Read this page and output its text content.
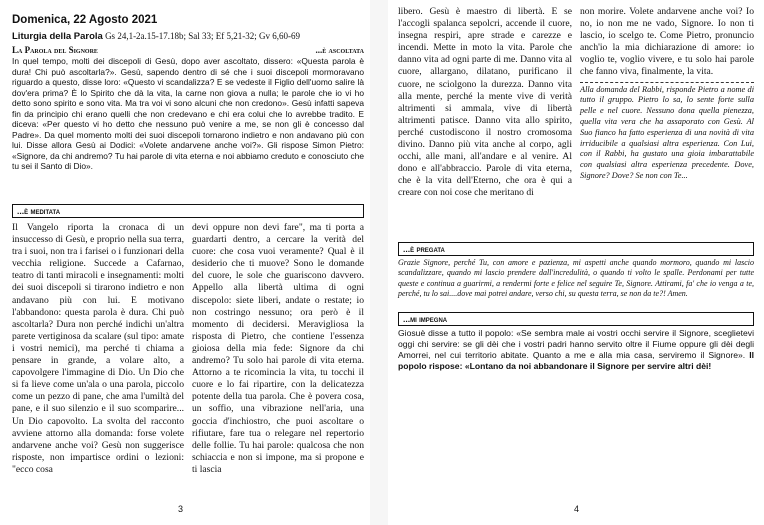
Domenica, 22 Agosto 2021
Liturgia della Parola Gs 24,1-2a.15-17.18b; Sal 33; Ef 5,21-32; Gv 6,60-69
La Parola del Signore	...è ascoltata
In quel tempo, molti dei discepoli di Gesù, dopo aver ascoltato, dissero: «Questa parola è dura! Chi può ascoltarla?». Gesù, sapendo dentro di sé che i suoi discepoli mormoravano riguardo a questo, disse loro: «Questo vi scandalizza? E se vedeste il Figlio dell'uomo salire là dov'era prima? È lo Spirito che dà la vita, la carne non giova a nulla; le parole che io vi ho detto sono spirito e sono vita. Ma tra voi vi sono alcuni che non credono». Gesù infatti sapeva fin da principio chi erano quelli che non credevano e chi era colui che lo avrebbe tradito. E diceva: «Per questo vi ho detto che nessuno può venire a me, se non gli è concesso dal Padre». Da quel momento molti dei suoi discepoli tornarono indietro e non andavano più con lui. Disse allora Gesù ai Dodici: «Volete andarvene anche voi?». Gli rispose Simon Pietro: «Signore, da chi andremo? Tu hai parole di vita eterna e noi abbiamo creduto e conosciuto che tu sei il Santo di Dio».
...è meditata
Il Vangelo riporta la cronaca di un insuccesso di Gesù, e proprio nella sua terra, tra i suoi, non tra i farisei o i funzionari della vecchia religione. Succede a Cafarnao, teatro di tanti miracoli e insegnamenti: molti dei suoi discepoli si tirarono indietro e non andavano più con lui. E motivano l'abbandono: questa parola è dura. Chi può ascoltarla? Dura non perché indichi un'altra parete vertiginosa da scalare (sul tipo: amate i vostri nemici), ma perché ti chiama a pensare in grande, a volare alto, a capovolgere l'immagine di Dio. Un Dio che si fa lieve come un'ala o una parola, piccolo come un pezzo di pane, che ama l'umiltà del pane, e il suo silenzio e il suo scomparire... Un Dio capovolto. La svolta del racconto avviene attorno alla domanda: forse volete andarvene anche voi? Gesù non suggerisce risposte, non impartisce ordini o lezioni: "ecco cosa
devi oppure non devi fare", ma ti porta a guardarti dentro, a cercare la verità del cuore: che cosa vuoi veramente? Qual è il desiderio che ti muove? Sono le domande del cuore, le sole che guariscono davvero. Appello alla libertà ultima di ogni discepolo: siete liberi, andate o restate; io non costringo nessuno; ora però è il momento di decidersi. Meravigliosa la risposta di Pietro, che contiene l'essenza gioiosa della mia fede: Signore da chi andremo? Tu solo hai parole di vita eterna. Attorno a te ricomincia la vita, tu tocchi il cuore e lo fai ripartire, con la delicatezza potente della tua parola. Che è povera cosa, un soffio, una vibrazione nell'aria, una goccia d'inchiostro, che puoi ascoltare o rifiutare, fare tua o relegare nel repertorio delle follie. Tu hai parole: qualcosa che non schiaccia e non si impone, ma si propone e ti lascia
3
libero. Gesù è maestro di libertà. E se l'accogli spalanca sepolcri, accende il cuore, insegna respiri, apre strade e carezze e incendi. Mette in moto la vita. Parole che danno vita ad ogni parte di me. Danno vita al cuore, allargano, dilatano, purificano il cuore, ne sciolgono la durezza. Danno vita alla mente, perché la mente vive di verità altrimenti si ammala, vive di libertà altrimenti patisce. Danno vita allo spirito, perché custodiscono il nostro cromosoma divino. Danno più vita anche al corpo, agli occhi, alle mani, all'andare e al venire. Al dono e all'abbraccio. Parole di vita eterna, che è la vita dell'Eterno, che ora è qui a creare con noi cose che meritano di
non morire. Volete andarvene anche voi? Io no, io non me ne vado, Signore. Io non ti lascio, io scelgo te. Come Pietro, pronuncio anch'io la mia dichiarazione di amore: io voglio te, voglio vivere, e tu solo hai parole che fanno viva, finalmente, la vita.
Alla domanda del Rabbi, risponde Pietro a nome di tutto il gruppo. Pietro lo sa, lo sente forte sulla pelle e nel cuore. Nessuno dona quella pienezza, quella vita vera che ha assaporato con Gesù. Al Suo fianco ha fatto esperienza di una novità di vita irriducibile a qualsiasi altra esperienza. Con Lui, con il Rabbi, ha gustato una gioia imbarattabile con qualsiasi altra esperienza precedente. Dove, Signore? Dove? Se non con Te...
...è pregata
Grazie Signore, perché Tu, con amore e pazienza, mi aspetti anche quando mormoro, quando mi lascio scandalizzare, quando mi lascio prendere dall'incredulità, o quando ti volto le spalle. Perdonami per tutte queste e continua a guarirmi, a rendermi forte e felice nel seguire Te, Signore. Attirami, fa' che io venga a te, perché, tu lo sai....dove mai potrei andare, verso chi, su questa terra, se non da te?! Amen.
...mi impegna
Giosuè disse a tutto il popolo: «Se sembra male ai vostri occhi servire il Signore, sceglietevi oggi chi servire: se gli dèi che i vostri padri hanno servito oltre il Fiume oppure gli dèi degli Amorrei, nel cui territorio abitate. Quanto a me e alla mia casa, serviremo il Signore». Il popolo rispose: «Lontano da noi abbandonare il Signore per servire altri dèi!
4
